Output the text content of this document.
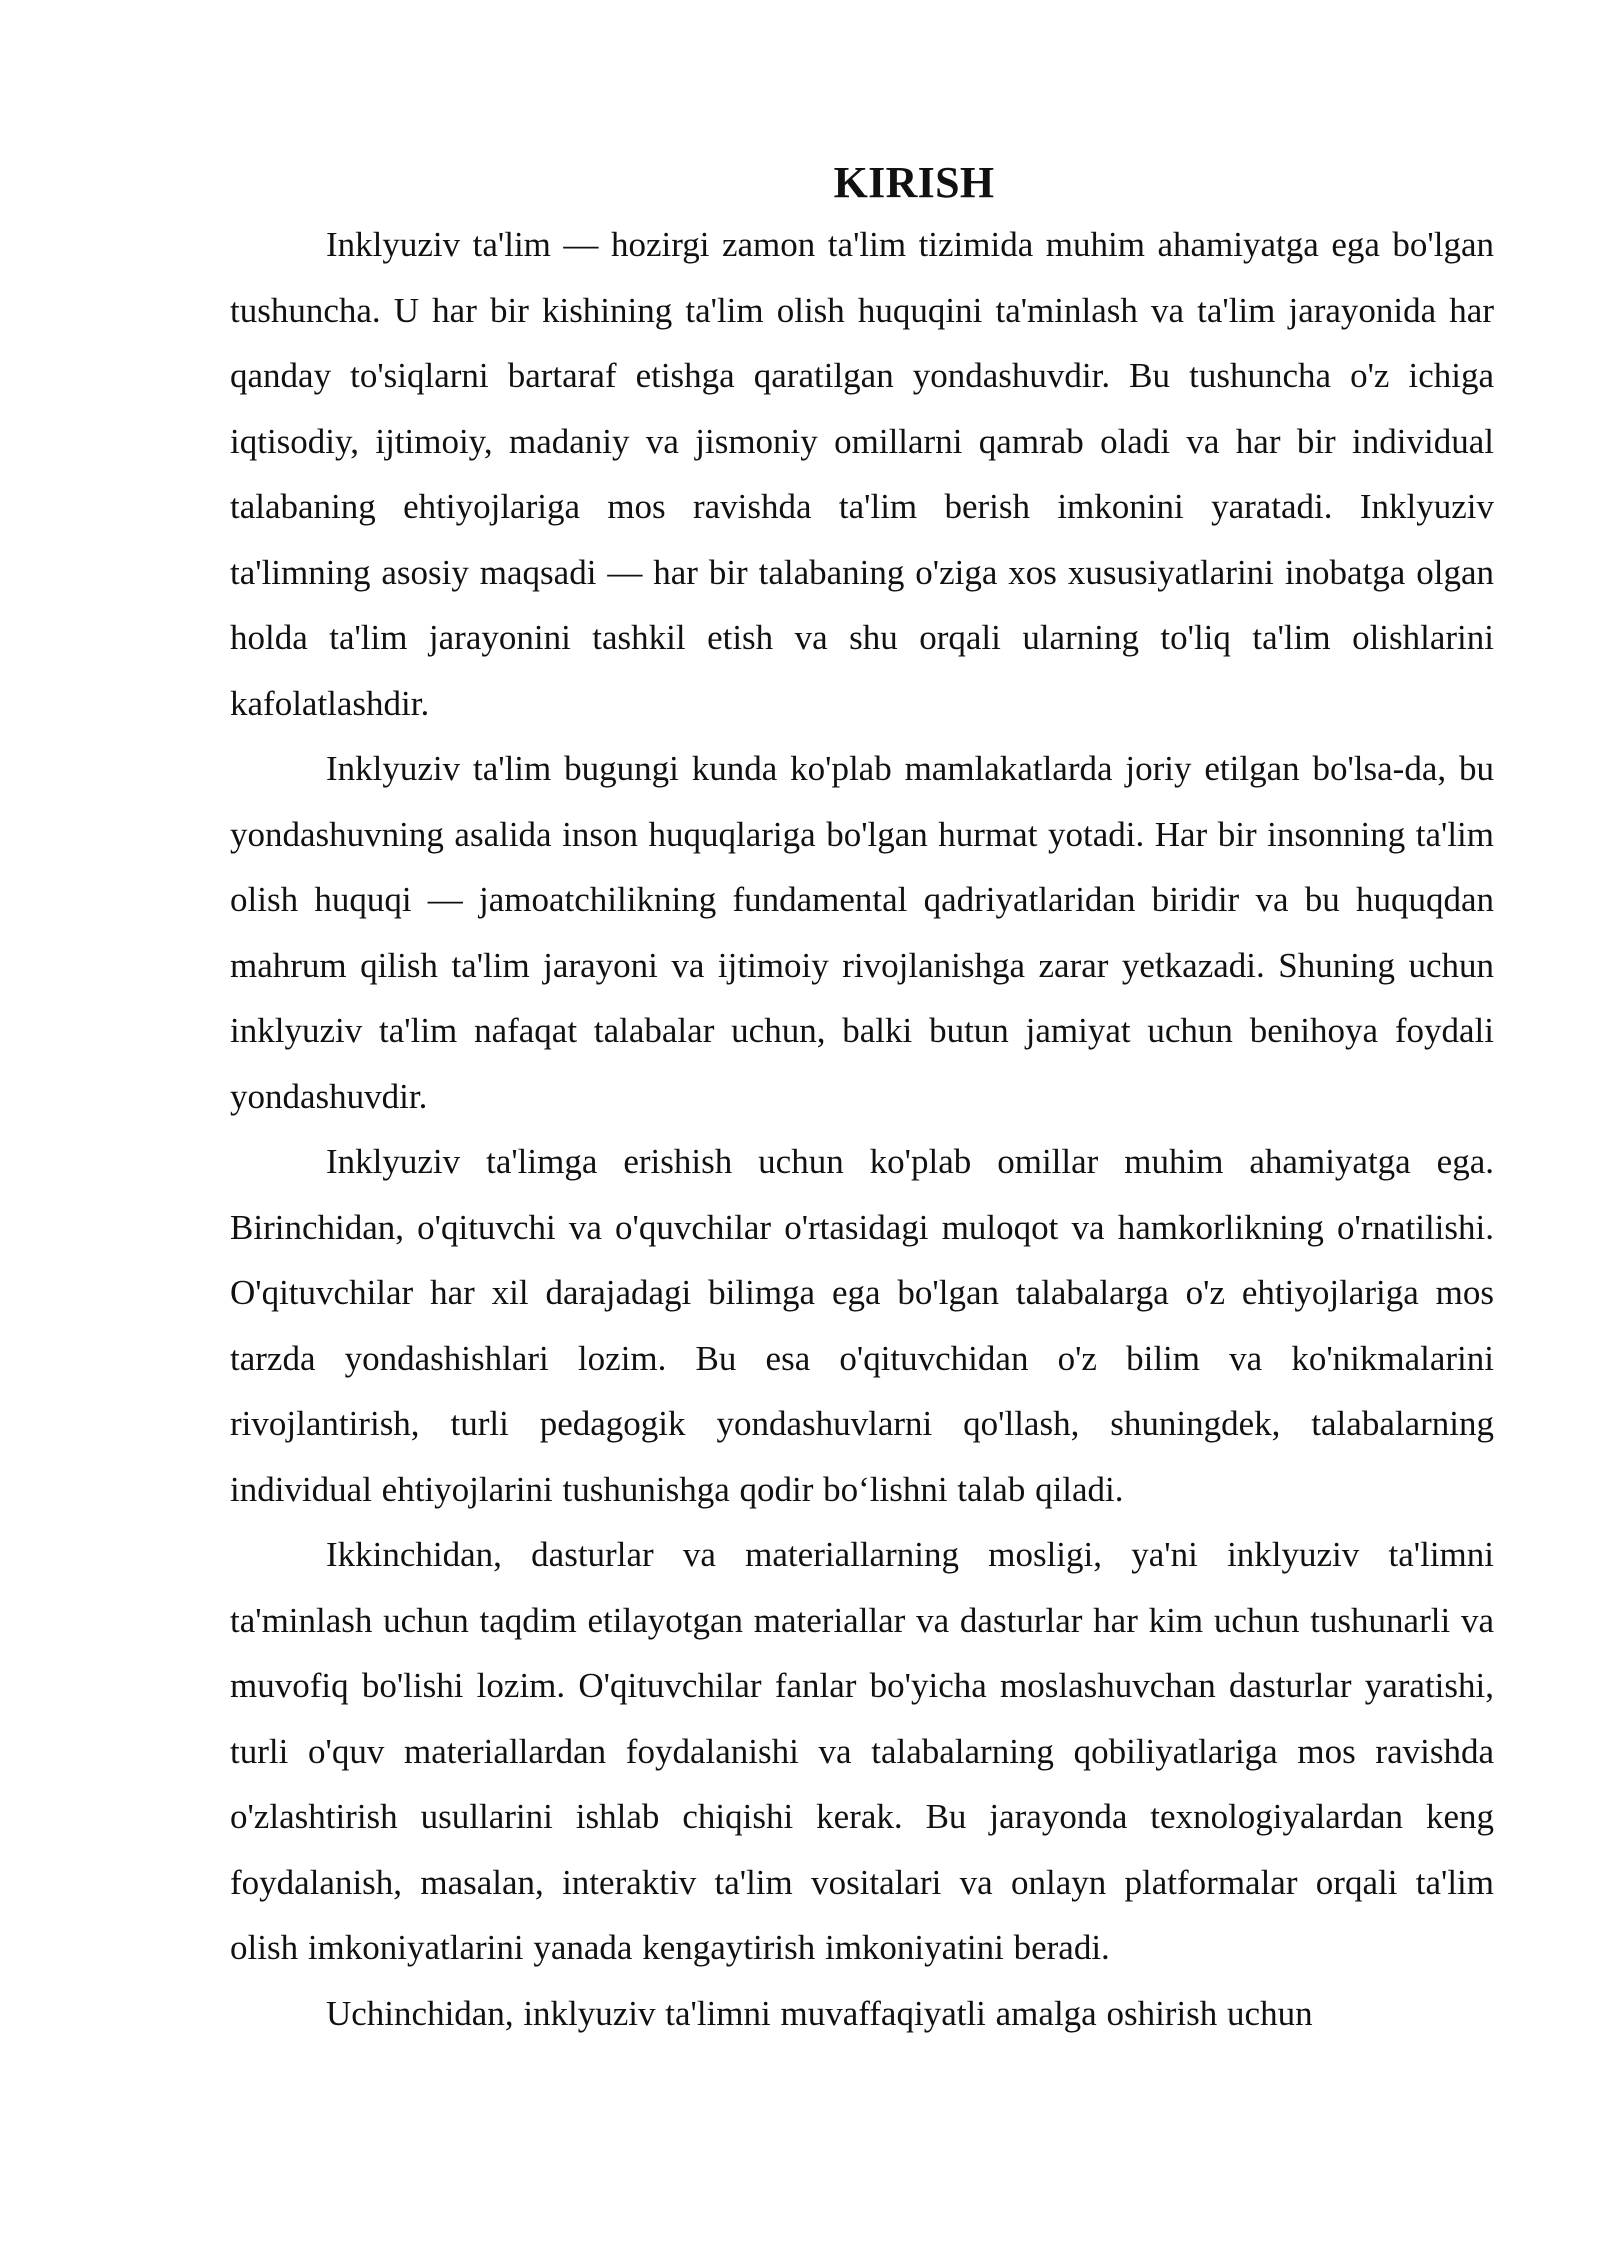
KIRISH

Inklyuziv ta'lim — hozirgi zamon ta'lim tizimida muhim ahamiyatga ega bo'lgan tushuncha. U har bir kishining ta'lim olish huquqini ta'minlash va ta'lim jarayonida har qanday to'siqlarni bartaraf etishga qaratilgan yondashuvdir. Bu tushuncha o'z ichiga iqtisodiy, ijtimoiy, madaniy va jismoniy omillarni qamrab oladi va har bir individual talabaning ehtiyojlariga mos ravishda ta'lim berish imkonini yaratadi. Inklyuziv ta'limning asosiy maqsadi — har bir talabaning o'ziga xos xususiyatlarini inobatga olgan holda ta'lim jarayonini tashkil etish va shu orqali ularning to'liq ta'lim olishlarini kafolatlashdir.

Inklyuziv ta'lim bugungi kunda ko'plab mamlakatlarda joriy etilgan bo'lsa-da, bu yondashuvning asalida inson huquqlariga bo'lgan hurmat yotadi. Har bir insonning ta'lim olish huquqi — jamoatchilikning fundamental qadriyatlaridan biridir va bu huquqdan mahrum qilish ta'lim jarayoni va ijtimoiy rivojlanishga zarar yetkazadi. Shuning uchun inklyuziv ta'lim nafaqat talabalar uchun, balki butun jamiyat uchun benihoya foydali yondashuvdir.

Inklyuziv ta'limga erishish uchun ko'plab omillar muhim ahamiyatga ega. Birinchidan, o'qituvchi va o'quvchilar o'rtasidagi muloqot va hamkorlikning o'rnatilishi. O'qituvchilar har xil darajadagi bilimga ega bo'lgan talabalarga o'z ehtiyojlariga mos tarzda yondashishlari lozim. Bu esa o'qituvchidan o'z bilim va ko'nikmalarini rivojlantirish, turli pedagogik yondashuvlarni qo'llash, shuningdek, talabalarning individual ehtiyojlarini tushunishga qodir bo‘lishni talab qiladi.

Ikkinchidan, dasturlar va materiallarning mosligi, ya'ni inklyuziv ta'limni ta'minlash uchun taqdim etilayotgan materiallar va dasturlar har kim uchun tushunarli va muvofiq bo'lishi lozim. O'qituvchilar fanlar bo'yicha moslashuvchan dasturlar yaratishi, turli o'quv materiallardan foydalanishi va talabalarning qobiliyatlariga mos ravishda o'zlashtirish usullarini ishlab chiqishi kerak. Bu jarayonda texnologiyalardan keng foydalanish, masalan, interaktiv ta'lim vositalari va onlayn platformalar orqali ta'lim olish imkoniyatlarini yanada kengaytirish imkoniyatini beradi.

Uchinchidan, inklyuziv ta'limni muvaffaqiyatli amalga oshirish uchun
